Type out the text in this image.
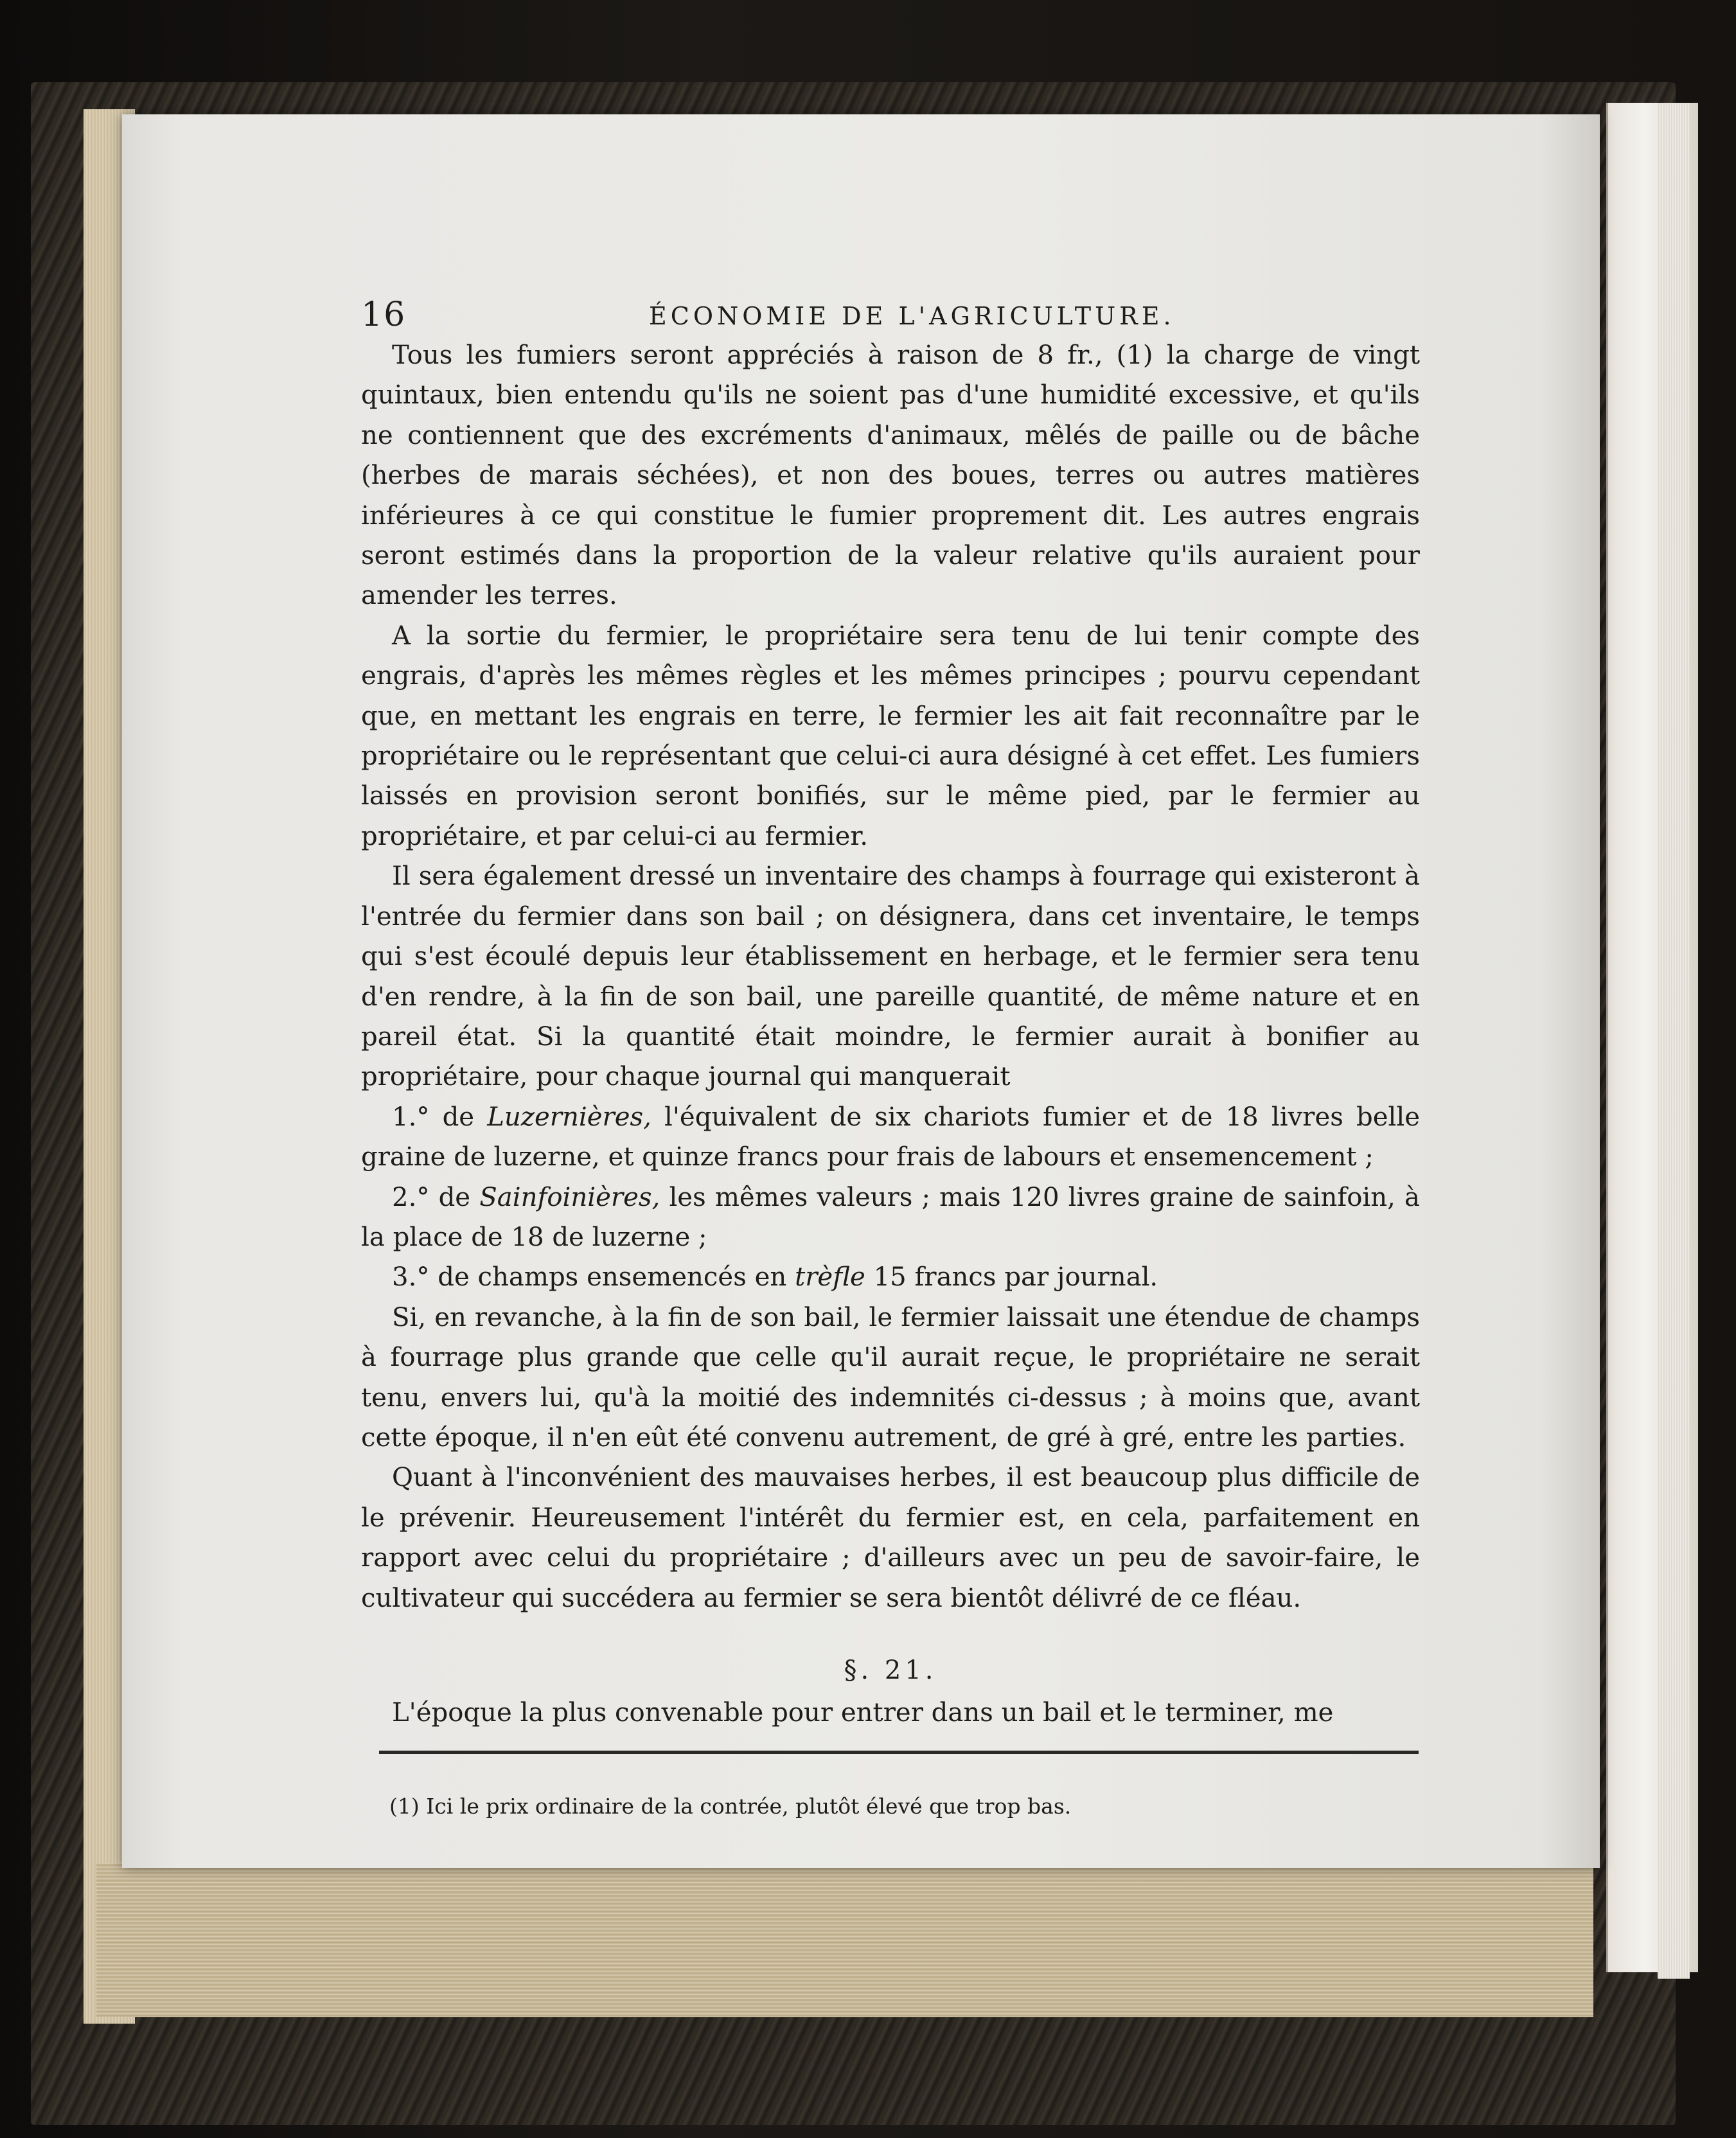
16	ÉCONOMIE DE L'AGRICULTURE.

Tous les fumiers seront appréciés à raison de 8 fr., (1) la charge de vingt quintaux, bien entendu qu'ils ne soient pas d'une humidité excessive, et qu'ils ne contiennent que des excréments d'animaux, mêlés de paille ou de bâche (herbes de marais séchées), et non des boues, terres ou autres matières inférieures à ce qui constitue le fumier proprement dit. Les autres engrais seront estimés dans la proportion de la valeur relative qu'ils auraient pour amender les terres.

A la sortie du fermier, le propriétaire sera tenu de lui tenir compte des engrais, d'après les mêmes règles et les mêmes principes ; pourvu cependant que, en mettant les engrais en terre, le fermier les ait fait reconnaître par le propriétaire ou le représentant que celui-ci aura désigné à cet effet. Les fumiers laissés en provision seront bonifiés, sur le même pied, par le fermier au propriétaire, et par celui-ci au fermier.

Il sera également dressé un inventaire des champs à fourrage qui existeront à l'entrée du fermier dans son bail ; on désignera, dans cet inventaire, le temps qui s'est écoulé depuis leur établissement en herbage, et le fermier sera tenu d'en rendre, à la fin de son bail, une pareille quantité, de même nature et en pareil état. Si la quantité était moindre, le fermier aurait à bonifier au propriétaire, pour chaque journal qui manquerait

1.° de Luzernières, l'équivalent de six chariots fumier et de 18 livres belle graine de luzerne, et quinze francs pour frais de labours et ensemencement ;

2.° de Sainfoinières, les mêmes valeurs ; mais 120 livres graine de sainfoin, à la place de 18 de luzerne ;

3.° de champs ensemencés en trèfle 15 francs par journal.

Si, en revanche, à la fin de son bail, le fermier laissait une étendue de champs à fourrage plus grande que celle qu'il aurait reçue, le propriétaire ne serait tenu, envers lui, qu'à la moitié des indemnités ci-dessus ; à moins que, avant cette époque, il n'en eût été convenu autrement, de gré à gré, entre les parties.

Quant à l'inconvénient des mauvaises herbes, il est beaucoup plus difficile de le prévenir. Heureusement l'intérêt du fermier est, en cela, parfaitement en rapport avec celui du propriétaire ; d'ailleurs avec un peu de savoir-faire, le cultivateur qui succédera au fermier se sera bientôt délivré de ce fléau.

§. 21.

L'époque la plus convenable pour entrer dans un bail et le terminer, me

(1) Ici le prix ordinaire de la contrée, plutôt élevé que trop bas.
